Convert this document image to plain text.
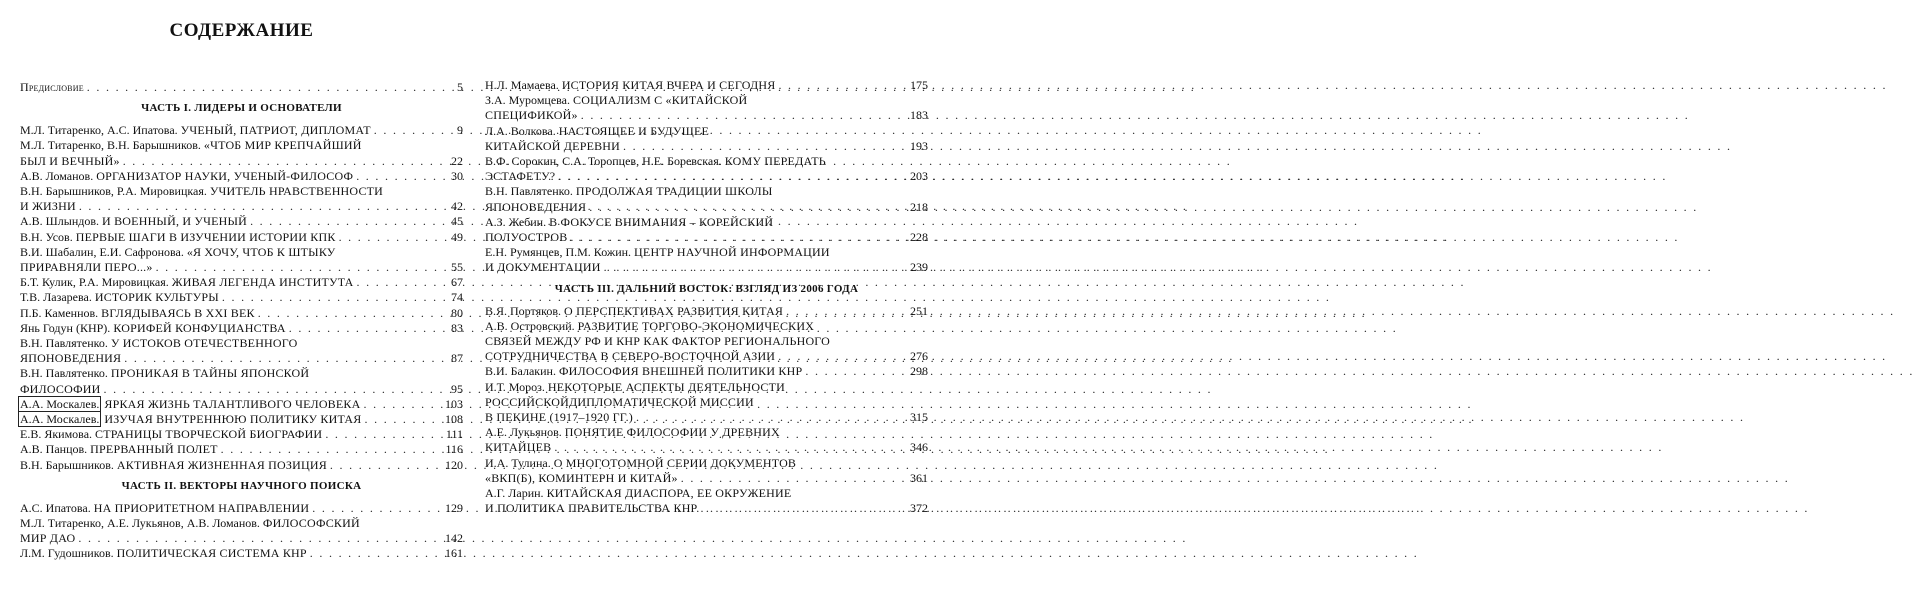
СОДЕРЖАНИЕ
Предисловие . . .	5
ЧАСТЬ I. ЛИДЕРЫ И ОСНОВАТЕЛИ
М.Л. Титаренко, А.С. Ипатова. УЧЕНЫЙ, ПАТРИОТ, ДИПЛОМАТ . . .	9
М.Л. Титаренко, В.Н. Барышников. «ЧТОБ МИР КРЕПЧАЙШИЙ
БЫЛ И ВЕЧНЫЙ» . . .	22
А.В. Ломанов. ОРГАНИЗАТОР НАУКИ, УЧЕНЫЙ-ФИЛОСОФ . . .	30
В.Н. Барышников, Р.А. Мировицкая. УЧИТЕЛЬ НРАВСТВЕННОСТИ
И ЖИЗНИ . . .	42
А.В. Шлындов. И ВОЕННЫЙ, И УЧЕНЫЙ . . .	45
В.Н. Усов. ПЕРВЫЕ ШАГИ В ИЗУЧЕНИИ ИСТОРИИ КПК . . .	49
В.И. Шабалин, Е.И. Сафронова. «Я ХОЧУ, ЧТОБ К ШТЫКУ
ПРИРАВНЯЛИ ПЕРО...» . . .	55
Б.Т. Кулик, Р.А. Мировицкая. ЖИВАЯ ЛЕГЕНДА ИНСТИТУТА . . .	67
Т.В. Лазарева. ИСТОРИК КУЛЬТУРЫ . . .	74
П.Б. Каменнов. ВГЛЯДЫВАЯСЬ В XXI ВЕК . . .	80
Янь Годун (КНР). КОРИФЕЙ КОНФУЦИАНСТВА . . .	83
В.Н. Павлятенко. У ИСТОКОВ ОТЕЧЕСТВЕННОГО
ЯПОНОВЕДЕНИЯ . . .	87
В.Н. Павлятенко. ПРОНИКАЯ В ТАЙНЫ ЯПОНСКОЙ
ФИЛОСОФИИ . . .	95
А.А. Москалев. ЯРКАЯ ЖИЗНЬ ТАЛАНТЛИВОГО ЧЕЛОВЕКА . . .	103
А.А. Москалев. ИЗУЧАЯ ВНУТРЕННЮЮ ПОЛИТИКУ КИТАЯ . . .	108
Е.В. Якимова. СТРАНИЦЫ ТВОРЧЕСКОЙ БИОГРАФИИ . . .	111
А.В. Панцов. ПРЕРВАННЫЙ ПОЛЕТ . . .	116
В.Н. Барышников. АКТИВНАЯ ЖИЗНЕННАЯ ПОЗИЦИЯ . . .	120
ЧАСТЬ II. ВЕКТОРЫ НАУЧНОГО ПОИСКА
А.С. Ипатова. НА ПРИОРИТЕТНОМ НАПРАВЛЕНИИ . . .	129
М.Л. Титаренко, А.Е. Лукьянов, А.В. Ломанов. ФИЛОСОФСКИЙ
МИР ДАО . . .	142
Л.М. Гудошников. ПОЛИТИЧЕСКАЯ СИСТЕМА КНР . . .	161
Н.Л. Мамаева. ИСТОРИЯ КИТАЯ ВЧЕРА И СЕГОДНЯ . . .	175
З.А. Муромцева. СОЦИАЛИЗМ С «КИТАЙСКОЙ
СПЕЦИФИКОЙ» . . .	183
Л.А. Волкова. НАСТОЯЩЕЕ И БУДУЩЕЕ
КИТАЙСКОЙ ДЕРЕВНИ . . .	193
В.Ф. Сорокин, С.А. Торопцев, Н.Е. Боревская. КОМУ ПЕРЕДАТЬ
ЭСТАФЕТУ? . . .	203
В.Н. Павлятенко. ПРОДОЛЖАЯ ТРАДИЦИИ ШКОЛЫ
ЯПОНОВЕДЕНИЯ . . .	218
А.З. Жебин. В ФОКУСЕ ВНИМАНИЯ – КОРЕЙСКИЙ
ПОЛУОСТРОВ . . .	228
Е.Н. Румянцев, П.М. Кожин. ЦЕНТР НАУЧНОЙ ИНФОРМАЦИИ
И ДОКУМЕНТАЦИИ . . .	239
ЧАСТЬ III. ДАЛЬНИЙ ВОСТОК: ВЗГЛЯД ИЗ 2006 ГОДА
В.Я. Портяков. О ПЕРСПЕКТИВАХ РАЗВИТИЯ КИТАЯ . . .	251
А.В. Островский. РАЗВИТИЕ ТОРГОВО-ЭКОНОМИЧЕСКИХ
СВЯЗЕЙ МЕЖДУ РФ И КНР КАК ФАКТОР РЕГИОНАЛЬНОГО
СОТРУДНИЧЕСТВА В СЕВЕРО-ВОСТОЧНОЙ АЗИИ . . .	276
В.И. Балакин. ФИЛОСОФИЯ ВНЕШНЕЙ ПОЛИТИКИ КНР . . .	298
И.Т. Мороз. НЕКОТОРЫЕ АСПЕКТЫ ДЕЯТЕЛЬНОСТИ
РОССИЙСКОЙДИПЛОМАТИЧЕСКОЙ МИССИИ
В ПЕКИНЕ (1917–1920 ГГ.) . . .	315
А.Е. Лукьянов. ПОНЯТИЕ ФИЛОСОФИИ У ДРЕВНИХ
КИТАЙЦЕВ . . .	346
И.А. Тулина. О МНОГОТОМНОЙ СЕРИИ ДОКУМЕНТОВ
«ВКП(Б), КОМИНТЕРН И КИТАЙ» . . .	361
А.Г. Ларин. КИТАЙСКАЯ ДИАСПОРА, ЕЕ ОКРУЖЕНИЕ
И ПОЛИТИКА ПРАВИТЕЛЬСТВА КНР . . .	372
